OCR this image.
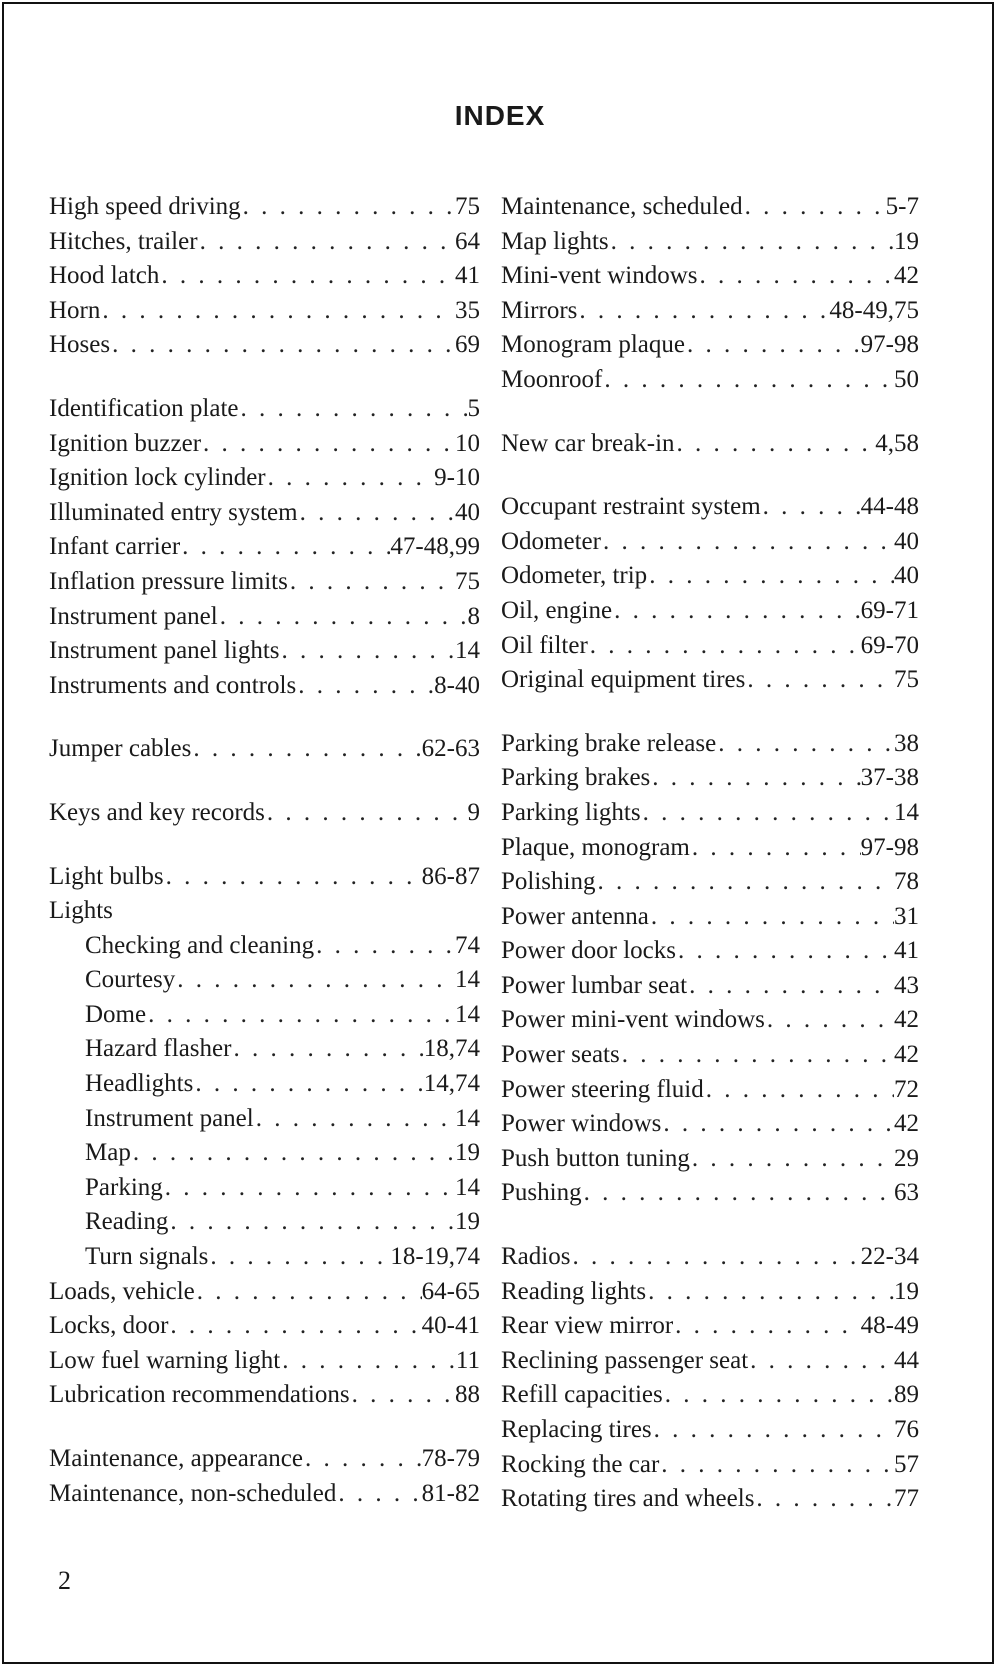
INDEX
High speed driving . . .	75
Hitches, trailer . . .	64
Hood latch . . .	41
Horn . . .	35
Hoses . . .	69
Identification plate . . .	5
Ignition buzzer . . .	10
Ignition lock cylinder . . .	9-10
Illuminated entry system . . .	40
Infant carrier . . .	47-48,99
Inflation pressure limits . . .	75
Instrument panel . . .	8
Instrument panel lights . . .	14
Instruments and controls . . .	8-40
Jumper cables . . .	62-63
Keys and key records . . .	9
Light bulbs . . .	86-87
Lights
Checking and cleaning . . .	74
Courtesy . . .	14
Dome . . .	14
Hazard flasher . . .	18,74
Headlights . . .	14,74
Instrument panel . . .	14
Map . . .	19
Parking . . .	14
Reading . . .	19
Turn signals . . .	18-19,74
Loads, vehicle . . .	64-65
Locks, door . . .	40-41
Low fuel warning light . . .	11
Lubrication recommendations . . .	88
Maintenance, appearance . . .	78-79
Maintenance, non-scheduled . . .	81-82
Maintenance, scheduled . . .	5-7
Map lights . . .	19
Mini-vent windows . . .	42
Mirrors . . .	48-49,75
Monogram plaque . . .	97-98
Moonroof . . .	50
New car break-in . . .	4,58
Occupant restraint system . . .	44-48
Odometer . . .	40
Odometer, trip . . .	40
Oil, engine . . .	69-71
Oil filter . . .	69-70
Original equipment tires . . .	75
Parking brake release . . .	38
Parking brakes . . .	37-38
Parking lights . . .	14
Plaque, monogram . . .	97-98
Polishing . . .	78
Power antenna . . .	31
Power door locks . . .	41
Power lumbar seat . . .	43
Power mini-vent windows . . .	42
Power seats . . .	42
Power steering fluid . . .	72
Power windows . . .	42
Push button tuning . . .	29
Pushing . . .	63
Radios . . .	22-34
Reading lights . . .	19
Rear view mirror . . .	48-49
Reclining passenger seat . . .	44
Refill capacities . . .	89
Replacing tires . . .	76
Rocking the car . . .	57
Rotating tires and wheels . . .	77
2
